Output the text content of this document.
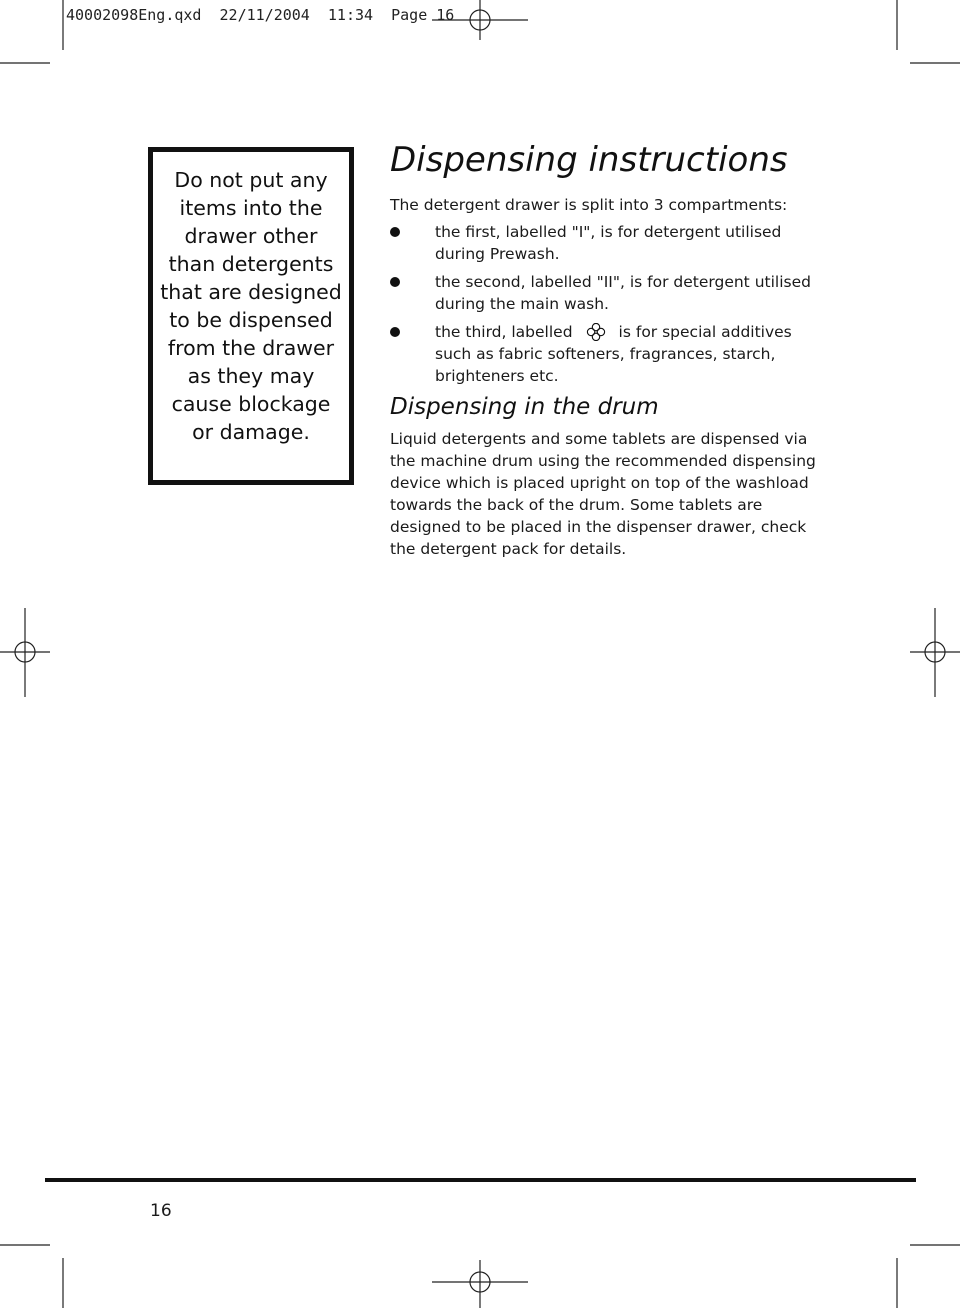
40002098Eng.qxd 22/11/2004 11:34 Page 16
Do not put any items into the drawer other than detergents that are designed to be dispensed from the drawer as they may cause blockage or damage.
Dispensing instructions

The detergent drawer is split into 3 compartments:

the first, labelled "I", is for detergent utilised during Prewash.
the second, labelled "II", is for detergent utilised during the main wash.
the third, labelled	is for special additives such as fabric softeners, fragrances, starch, brighteners etc.
Dispensing in the drum

Liquid detergents and some tablets are dispensed via the machine drum using the recommended dispensing device which is placed upright on top of the washload towards the back of the drum. Some tablets are designed to be placed in the dispenser drawer, check the detergent pack for details.

16
